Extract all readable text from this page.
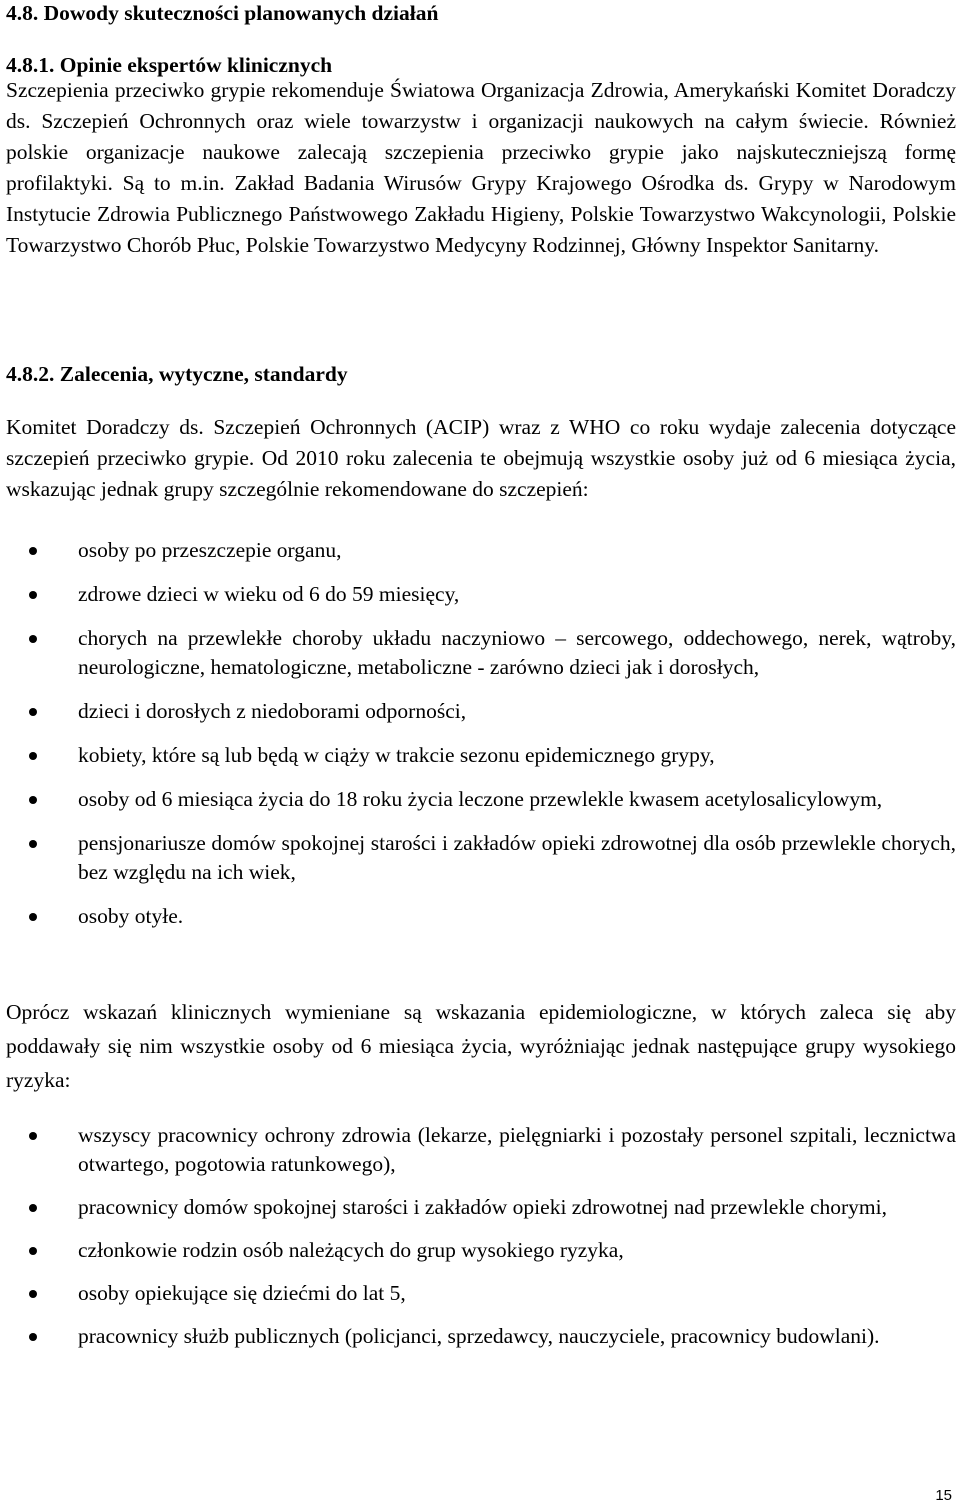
4.8. Dowody skuteczności planowanych działań
4.8.1. Opinie ekspertów klinicznych

Szczepienia przeciwko grypie rekomenduje Światowa Organizacja Zdrowia, Amerykański Komitet Doradczy ds. Szczepień Ochronnych oraz wiele towarzystw i organizacji naukowych na całym świecie. Również polskie organizacje naukowe zalecają szczepienia przeciwko grypie jako najskuteczniejszą formę profilaktyki. Są to m.in. Zakład Badania Wirusów Grypy Krajowego Ośrodka ds. Grypy w Narodowym Instytucie Zdrowia Publicznego Państwowego Zakładu Higieny, Polskie Towarzystwo Wakcynologii, Polskie Towarzystwo Chorób Płuc, Polskie Towarzystwo Medycyny Rodzinnej, Główny Inspektor Sanitarny.

4.8.2. Zalecenia, wytyczne, standardy

Komitet Doradczy ds. Szczepień Ochronnych (ACIP) wraz z WHO co roku wydaje zalecenia dotyczące szczepień przeciwko grypie. Od 2010 roku zalecenia te obejmują wszystkie osoby już od 6 miesiąca życia, wskazując jednak grupy szczególnie rekomendowane do szczepień:

osoby po przeszczepie organu,
zdrowe dzieci w wieku od 6 do 59 miesięcy,
chorych na przewlekłe choroby układu naczyniowo – sercowego, oddechowego, nerek, wątroby, neurologiczne, hematologiczne, metaboliczne - zarówno dzieci jak i dorosłych,
dzieci i dorosłych z niedoborami odporności,
kobiety, które są lub będą w ciąży w trakcie sezonu epidemicznego grypy,
osoby od 6 miesiąca życia do 18 roku życia leczone przewlekle kwasem acetylosalicylowym,
pensjonariusze domów spokojnej starości i zakładów opieki zdrowotnej dla osób przewlekle chorych, bez względu na ich wiek,
osoby otyłe.

Oprócz wskazań klinicznych wymieniane są wskazania epidemiologiczne, w których zaleca się aby poddawały się nim wszystkie osoby od 6 miesiąca życia, wyróżniając jednak następujące grupy wysokiego ryzyka:

wszyscy pracownicy ochrony zdrowia (lekarze, pielęgniarki i pozostały personel szpitali, lecznictwa otwartego, pogotowia ratunkowego),
pracownicy domów spokojnej starości i zakładów opieki zdrowotnej nad przewlekle chorymi,
członkowie rodzin osób należących do grup wysokiego ryzyka,
osoby opiekujące się dziećmi do lat 5,
pracownicy służb publicznych (policjanci, sprzedawcy, nauczyciele, pracownicy budowlani).
15
